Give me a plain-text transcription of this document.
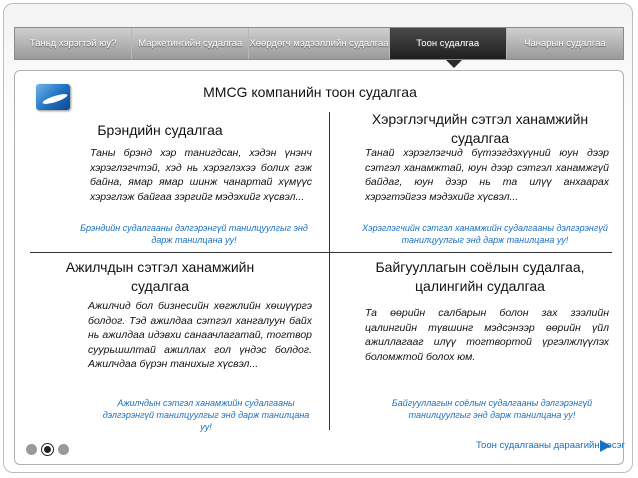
Таньд хэрэгтэй юу?	Маркетингийн судалгаа Хөөрдөгч мэдээллийн судалгаа	Тоон судалгаа	Чанарын судалгаа
MMCG компанийн тоон судалгаа
Брэндийн судалгаа
Таны брэнд хэр танигдсан, хэдэн үнэнч хэрэглэгчтэй, хэд нь хэрэглэхээ болих гэж байна, ямар ямар шинж чанартай хүмүүс хэрэглэж байгаа зэргийг мэдэхийг хүсвэл...
Брэндийн судалгааны дэлгэрэнгүй танилцуулгыг энд дарж танилцана уу!
Хэрэглэгчдийн сэтгэл ханамжийн судалгаа
Танай хэрэглэгчид бүтээгдэхүүний юун дээр сэтгэл ханамжтай, юун дээр сэтгэл ханамжгүй байдаг, юун дээр нь та илүү анхаарах хэрэгтэйгээ мэдэхийг хүсвэл...
Хэрэглэгчийн сэтгэл ханамжийн судалгааны дэлгэрэнгүй танилцуулгыг энд дарж танилцана уу!
Ажилчдын сэтгэл ханамжийн судалгаа
Ажилчид бол бизнесийн хөгжлийн хөшүүргэ болдог. Тэд ажилдаа сэтгэл хангалуун байх нь ажилдаа идэвхи санаачлагатай, тогтвор суурьшилтай ажиллах гол үндэс болдог. Ажилчдаа бүрэн танихыг хүсвэл...
Ажилчдын сэтгэл ханамжийн судалгааны дэлгэрэнгүй танилцуулгыг энд дарж танилцана уу!
Байгууллагын соёлын судалгаа, цалингийн судалгаа
Та өөрийн салбарын болон зах зээлийн цалингийн түвшинг мэдсэнээр өөрийн үйл ажиллагааг илүү тогтвортой үргэлжлүүлэх боломжтой болох юм.
Байгууллагын соёлын судалгааны дэлгэрэнгүй танилцуулгыг энд дарж танилцана уу!
Тоон судалгааны дараагийн хэсэг
